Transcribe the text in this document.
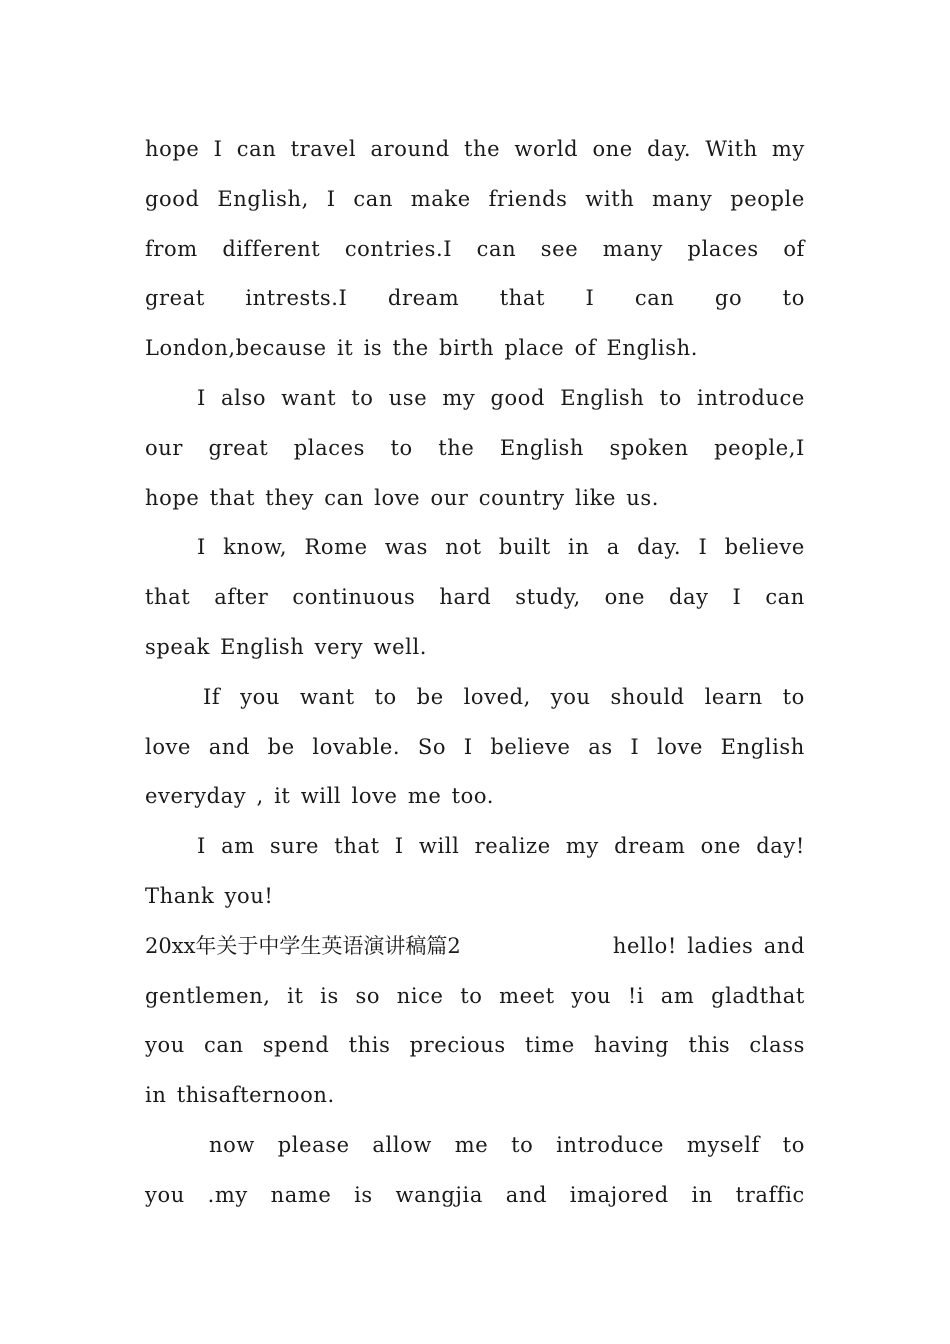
hope I can travel around the world one day. With my
good English, I can make friends with many people
from different contries.I can see many places of
great intrests.I dream that I can go to
London,because it is the birth place of English.
I also want to use my good English to introduce
our great places to the English spoken people,I
hope that they can love our country like us.
I know, Rome was not built in a day. I believe
that after continuous hard study, one day I can
speak English very well.
If you want to be loved, you should learn to
love and be lovable. So I believe as I love English
everyday , it will love me too.
I am sure that I will realize my dream one day!
Thank you!
20xx年关于中学生英语演讲稿篇2	hello! ladies and
gentlemen, it is so nice to meet you !i am gladthat
you can spend this precious time having this class
in thisafternoon.
now please allow me to introduce myself to
you .my name is wangjia and imajored in traffic
